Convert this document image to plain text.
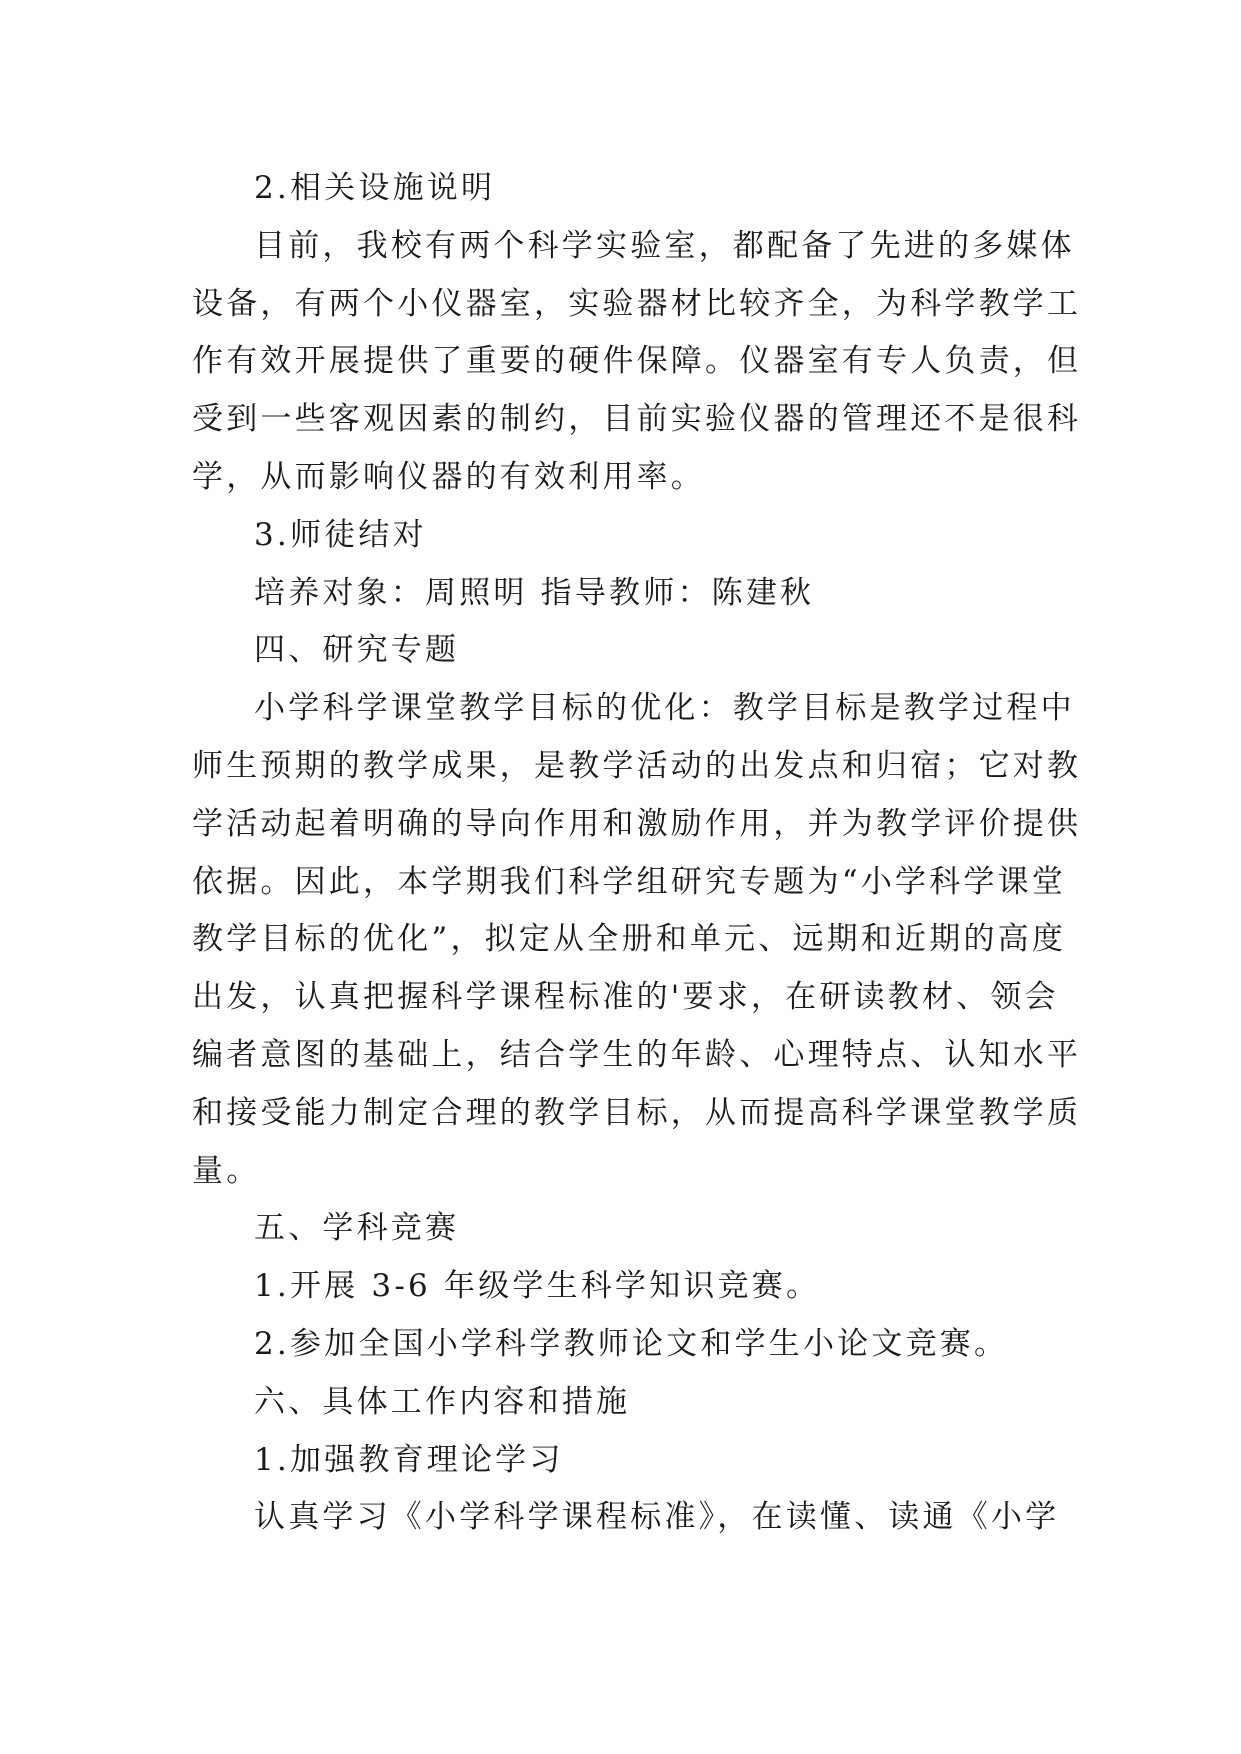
2.相关设施说明
目前，我校有两个科学实验室，都配备了先进的多媒体
设备，有两个小仪器室，实验器材比较齐全，为科学教学工
作有效开展提供了重要的硬件保障。仪器室有专人负责，但
受到一些客观因素的制约，目前实验仪器的管理还不是很科
学，从而影响仪器的有效利用率。
3.师徒结对
培养对象：周照明 指导教师：陈建秋
四、研究专题
小学科学课堂教学目标的优化：教学目标是教学过程中
师生预期的教学成果，是教学活动的出发点和归宿；它对教
学活动起着明确的导向作用和激励作用，并为教学评价提供
依据。因此，本学期我们科学组研究专题为“小学科学课堂
教学目标的优化”，拟定从全册和单元、远期和近期的高度
出发，认真把握科学课程标准的'要求，在研读教材、领会
编者意图的基础上，结合学生的年龄、心理特点、认知水平
和接受能力制定合理的教学目标，从而提高科学课堂教学质
量。
五、学科竞赛
1.开展 3-6 年级学生科学知识竞赛。
2.参加全国小学科学教师论文和学生小论文竞赛。
六、具体工作内容和措施
1.加强教育理论学习
认真学习《小学科学课程标准》，在读懂、读通《小学
